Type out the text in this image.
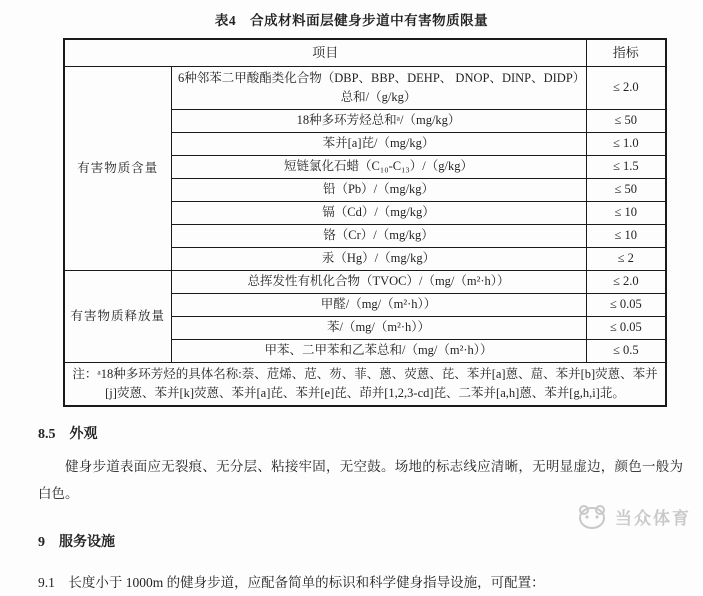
表4　合成材料面层健身步道中有害物质限量
项目		指标
有害物质含量	6种邻苯二甲酸酯类化合物（DBP、BBP、DEHP、 DNOP、DINP、DIDP）总和/（g/kg）	≤ 2.0
	18种多环芳烃总和ᵃ/（mg/kg）	≤ 50
	苯并[a]芘/（mg/kg）	≤ 1.0
	短链氯化石蜡（C₁₀-C₁₃）/（g/kg）	≤ 1.5
	铅（Pb）/（mg/kg）	≤ 50
	镉（Cd）/（mg/kg）	≤ 10
	铬（Cr）/（mg/kg）	≤ 10
	汞（Hg）/（mg/kg）	≤ 2
有害物质释放量	总挥发性有机化合物（TVOC）/（mg/（m²·h））	≤ 2.0
	甲醛/（mg/（m²·h））	≤ 0.05
	苯/（mg/（m²·h））	≤ 0.05
	甲苯、二甲苯和乙苯总和/（mg/（m²·h））	≤ 0.5
注：ᵃ18种多环芳烃的具体名称:萘、苊烯、苊、芴、菲、蒽、荧蒽、芘、苯并[a]蒽、䓛、苯并[b]荧蒽、苯并[j]荧蒽、苯并[k]荧蒽、苯并[a]芘、苯并[e]芘、茚并[1,2,3-cd]芘、二苯并[a,h]蒽、苯并[g,h,i]苝。		
8.5　外观

健身步道表面应无裂痕、无分层、粘接牢固，无空鼓。场地的标志线应清晰，无明显虚边，颜色一般为白色。

9　服务设施

9.1　长度小于 1000m 的健身步道，应配备简单的标识和科学健身指导设施，可配置：

当众体育
